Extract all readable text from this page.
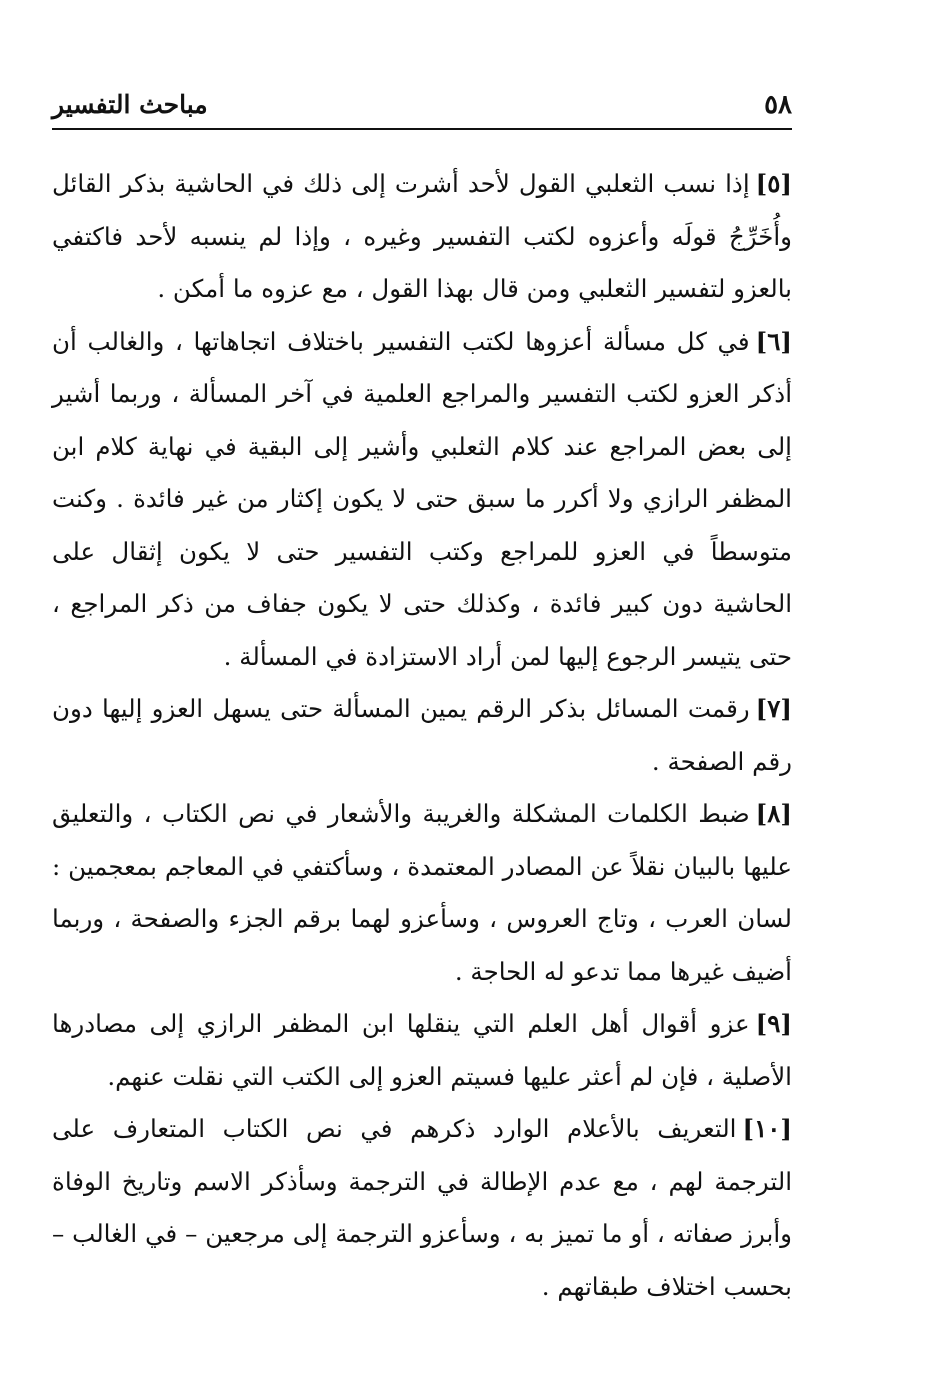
٥٨
مباحث التفسير

[٥]إذا نسب الثعلبي القول لأحد أشرت إلى ذلك في الحاشية بذكر القائل وأُخَرِّجُ قولَه وأعزوه لكتب التفسير وغيره ، وإذا لم ينسبه لأحد فاكتفي بالعزو لتفسير الثعلبي ومن قال بهذا القول ، مع عزوه ما أمكن .

[٦]في كل مسألة أعزوها لكتب التفسير باختلاف اتجاهاتها ، والغالب أن أذكر العزو لكتب التفسير والمراجع العلمية في آخر المسألة ، وربما أشير إلى بعض المراجع عند كلام الثعلبي وأشير إلى البقية في نهاية كلام ابن المظفر الرازي ولا أكرر ما سبق حتى لا يكون إكثار من غير فائدة . وكنت متوسطاً في العزو للمراجع وكتب التفسير حتى لا يكون إثقال على الحاشية دون كبير فائدة ، وكذلك حتى لا يكون جفاف من ذكر المراجع ، حتى يتيسر الرجوع إليها لمن أراد الاستزادة في المسألة .

[٧]رقمت المسائل بذكر الرقم يمين المسألة حتى يسهل العزو إليها دون رقم الصفحة .

[٨]ضبط الكلمات المشكلة والغريبة والأشعار في نص الكتاب ، والتعليق عليها بالبيان نقلاً عن المصادر المعتمدة ، وسأكتفي في المعاجم بمعجمين : لسان العرب ، وتاج العروس ، وسأعزو لهما برقم الجزء والصفحة ، وربما أضيف غيرها مما تدعو له الحاجة .

[٩]عزو أقوال أهل العلم التي ينقلها ابن المظفر الرازي إلى مصادرها الأصلية ، فإن لم أعثر عليها فسيتم العزو إلى الكتب التي نقلت عنهم.

[١٠]التعريف بالأعلام الوارد ذكرهم في نص الكتاب المتعارف على الترجمة لهم ، مع عدم الإطالة في الترجمة وسأذكر الاسم وتاريخ الوفاة وأبرز صفاته ، أو ما تميز به ، وسأعزو الترجمة إلى مرجعين – في الغالب – بحسب اختلاف طبقاتهم .
